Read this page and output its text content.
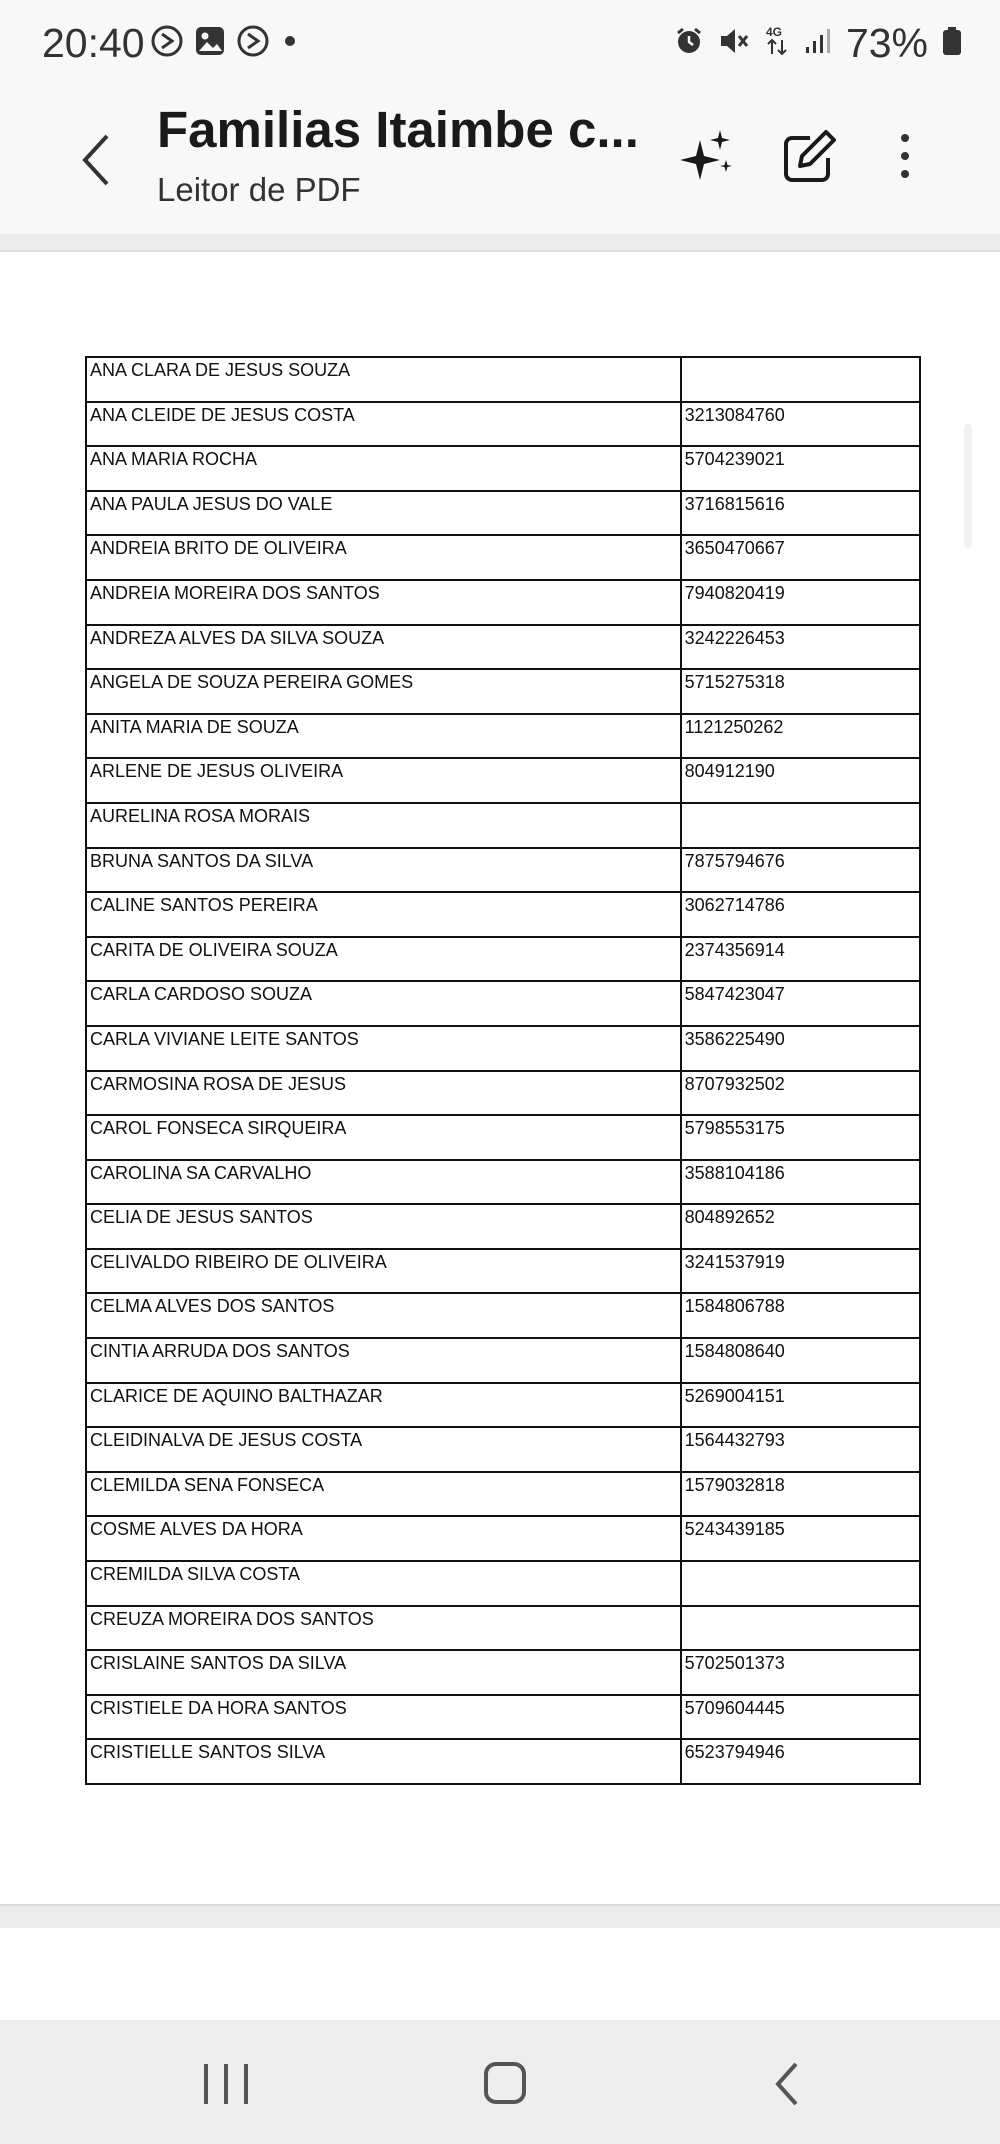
20:40	4G 73%
Familias Itaimbe c...
Leitor de PDF
ANA CLARA DE JESUS SOUZA	
ANA CLEIDE DE JESUS COSTA	3213084760
ANA MARIA ROCHA	5704239021
ANA PAULA JESUS DO VALE	3716815616
ANDREIA BRITO DE OLIVEIRA	3650470667
ANDREIA MOREIRA DOS SANTOS	7940820419
ANDREZA ALVES DA SILVA SOUZA	3242226453
ANGELA DE SOUZA PEREIRA GOMES	5715275318
ANITA MARIA DE SOUZA	1121250262
ARLENE DE JESUS OLIVEIRA	804912190
AURELINA ROSA MORAIS	
BRUNA SANTOS DA SILVA	7875794676
CALINE SANTOS PEREIRA	3062714786
CARITA DE OLIVEIRA SOUZA	2374356914
CARLA CARDOSO SOUZA	5847423047
CARLA VIVIANE LEITE SANTOS	3586225490
CARMOSINA ROSA DE JESUS	8707932502
CAROL FONSECA SIRQUEIRA	5798553175
CAROLINA SA CARVALHO	3588104186
CELIA DE JESUS SANTOS	804892652
CELIVALDO RIBEIRO DE OLIVEIRA	3241537919
CELMA ALVES DOS SANTOS	1584806788
CINTIA ARRUDA DOS SANTOS	1584808640
CLARICE DE AQUINO BALTHAZAR	5269004151
CLEIDINALVA DE JESUS COSTA	1564432793
CLEMILDA SENA FONSECA	1579032818
COSME ALVES DA HORA	5243439185
CREMILDA SILVA COSTA	
CREUZA MOREIRA DOS SANTOS	
CRISLAINE SANTOS DA SILVA	5702501373
CRISTIELE DA HORA SANTOS	5709604445
CRISTIELLE SANTOS SILVA	6523794946
